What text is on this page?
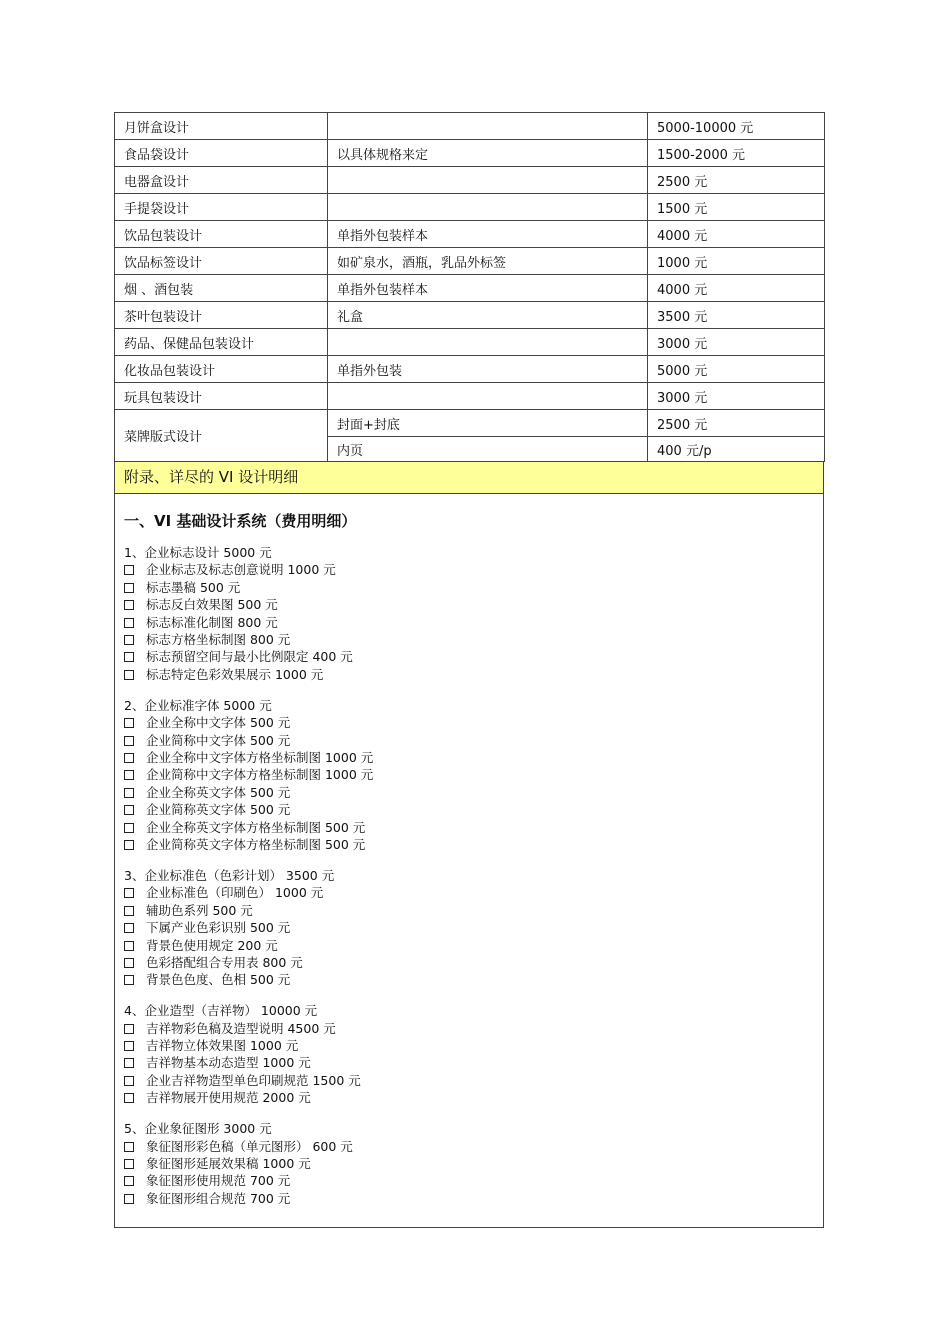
月饼盒设计		5000-10000 元
食品袋设计	以具体规格来定	1500-2000 元
电器盒设计		2500 元
手提袋设计		1500 元
饮品包装设计	单指外包装样本	4000 元
饮品标签设计	如矿泉水，酒瓶，乳品外标签	1000 元
烟 、酒包装	单指外包装样本	4000 元
茶叶包装设计	礼盒	3500 元
药品、保健品包装设计		3000 元
化妆品包装设计	单指外包装	5000 元
玩具包装设计		3000 元
菜牌版式设计	封面+封底	2500 元
	内页	400 元/p
附录、详尽的 VI 设计明细
一、VI 基础设计系统（费用明细）
1、企业标志设计 5000 元
企业标志及标志创意说明 1000 元
标志墨稿 500 元
标志反白效果图 500 元
标志标准化制图 800 元
标志方格坐标制图 800 元
标志预留空间与最小比例限定 400 元
标志特定色彩效果展示 1000 元
2、企业标准字体 5000 元
企业全称中文字体 500 元
企业简称中文字体 500 元
企业全称中文字体方格坐标制图 1000 元
企业简称中文字体方格坐标制图 1000 元
企业全称英文字体 500 元
企业简称英文字体 500 元
企业全称英文字体方格坐标制图 500 元
企业简称英文字体方格坐标制图 500 元
3、企业标准色（色彩计划） 3500 元
企业标准色（印刷色） 1000 元
辅助色系列 500 元
下属产业色彩识别 500 元
背景色使用规定 200 元
色彩搭配组合专用表 800 元
背景色色度、色相 500 元
4、企业造型（吉祥物） 10000 元
吉祥物彩色稿及造型说明 4500 元
吉祥物立体效果图 1000 元
吉祥物基本动态造型 1000 元
企业吉祥物造型单色印刷规范 1500 元
吉祥物展开使用规范 2000 元
5、企业象征图形 3000 元
象征图形彩色稿（单元图形） 600 元
象征图形延展效果稿 1000 元
象征图形使用规范 700 元
象征图形组合规范 700 元
